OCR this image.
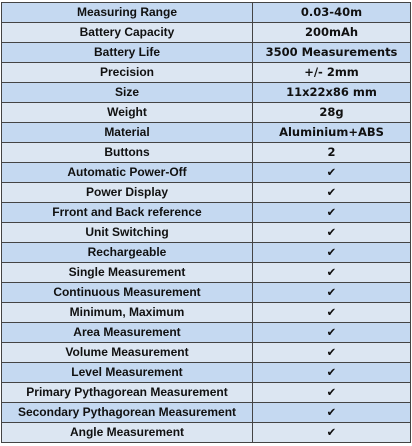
Measuring Range	0.03-40m
Battery Capacity	200mAh
Battery Life	3500 Measurements
Precision	+/- 2mm
Size	11x22x86 mm
Weight	28g
Material	Aluminium+ABS
Buttons	2
Automatic Power-Off	✔
Power Display	✔
Frront and Back reference	✔
Unit Switching	✔
Rechargeable	✔
Single Measurement	✔
Continuous Measurement	✔
Minimum, Maximum	✔
Area Measurement	✔
Volume Measurement	✔
Level Measurement	✔
Primary Pythagorean Measurement	✔
Secondary Pythagorean Measurement	✔
Angle Measurement	✔
